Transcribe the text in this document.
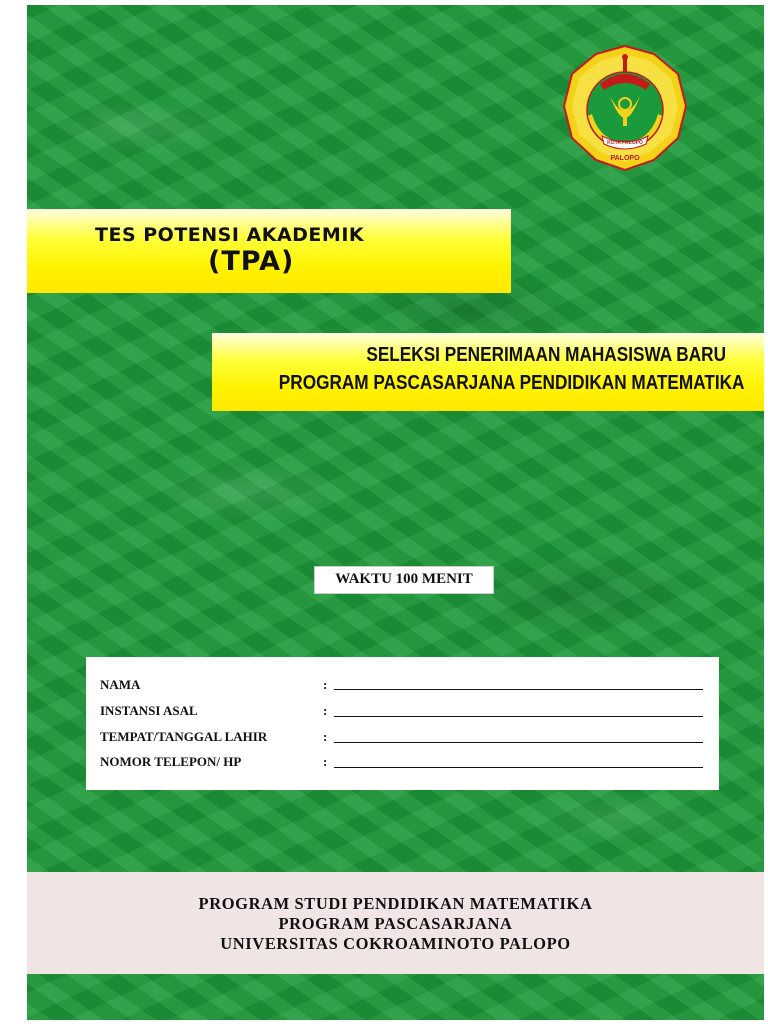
KOTA PALOPO
PALOPO
TES POTENSI AKADEMIK
(TPA)
SELEKSI PENERIMAAN MAHASISWA BARU
PROGRAM PASCASARJANA PENDIDIKAN MATEMATIKA
WAKTU 100 MENIT
NAMA	:
INSTANSI ASAL	:
TEMPAT/TANGGAL LAHIR	:
NOMOR TELEPON/ HP	:
PROGRAM STUDI PENDIDIKAN MATEMATIKA
PROGRAM PASCASARJANA
UNIVERSITAS COKROAMINOTO PALOPO
